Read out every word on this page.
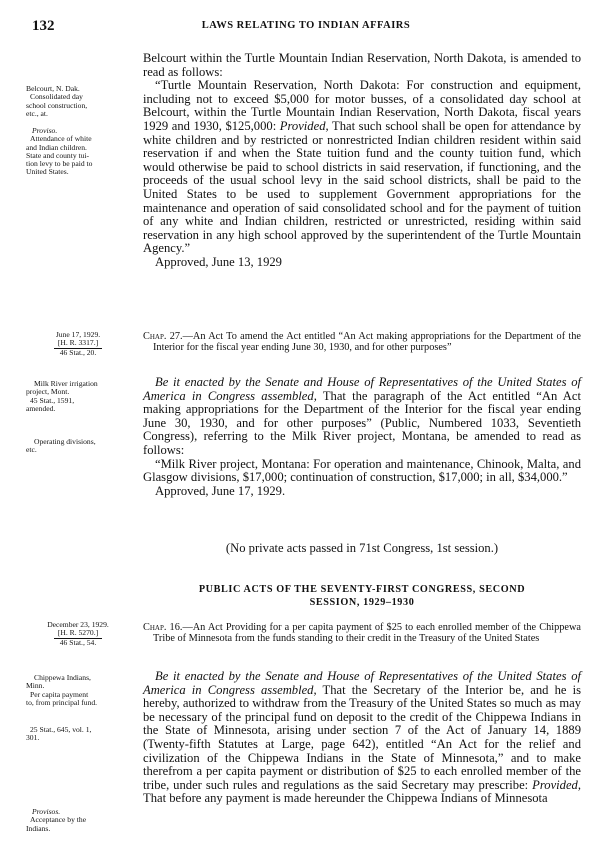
132	LAWS RELATING TO INDIAN AFFAIRS

Belcourt within the Turtle Mountain Indian Reservation, North Dakota, is amended to read as follows:

“Turtle Mountain Reservation, North Dakota: For construction and equipment, including not to exceed $5,000 for motor busses, of a consolidated day school at Belcourt, within the Turtle Mountain Indian Reservation, North Dakota, fiscal years 1929 and 1930, $125,000: Provided, That such school shall be open for attendance by white children and by restricted or nonrestricted Indian children resident within said reservation if and when the State tuition fund and the county tuition fund, which would otherwise be paid to school districts in said reservation, if functioning, and the proceeds of the usual school levy in the said school districts, shall be paid to the United States to be used to supplement Government appropriations for the maintenance and operation of said consolidated school and for the payment of tuition of any white and Indian children, restricted or unrestricted, residing within said reservation in any high school approved by the superintendent of the Turtle Mountain Agency.”

Approved, June 13, 1929

Chap. 27.—An Act To amend the Act entitled “An Act making appropriations for the Department of the Interior for the fiscal year ending June 30, 1930, and for other purposes”

Be it enacted by the Senate and House of Representatives of the United States of America in Congress assembled, That the paragraph of the Act entitled “An Act making appropriations for the Department of the Interior for the fiscal year ending June 30, 1930, and for other purposes” (Public, Numbered 1033, Seventieth Congress), referring to the Milk River project, Montana, be amended to read as follows:

“Milk River project, Montana: For operation and maintenance, Chinook, Malta, and Glasgow divisions, $17,000; continuation of construction, $17,000; in all, $34,000.”

Approved, June 17, 1929.

(No private acts passed in 71st Congress, 1st session.)
PUBLIC ACTS OF THE SEVENTY-FIRST CONGRESS, SECOND
SESSION, 1929–1930

Chap. 16.—An Act Providing for a per capita payment of $25 to each enrolled member of the Chippewa Tribe of Minnesota from the funds standing to their credit in the Treasury of the United States

Be it enacted by the Senate and House of Representatives of the United States of America in Congress assembled, That the Secretary of the Interior be, and he is hereby, authorized to withdraw from the Treasury of the United States so much as may be necessary of the principal fund on deposit to the credit of the Chippewa Indians in the State of Minnesota, arising under section 7 of the Act of January 14, 1889 (Twenty-fifth Statutes at Large, page 642), entitled “An Act for the relief and civilization of the Chippewa Indians in the State of Minnesota,” and to make therefrom a per capita payment or distribution of $25 to each enrolled member of the tribe, under such rules and regulations as the said Secretary may prescribe: Provided, That before any payment is made hereunder the Chippewa Indians of Minnesota

Belcourt, N. Dak.

Consolidated day

school construction,

etc., at.

Proviso.

Attendance of white

and Indian children.

State and county tui-

tion levy to be paid to

United States.

June 17, 1929.

[H. R. 3317.]

46 Stat., 20.

Milk River irrigation

project, Mont.

45 Stat., 1591,

amended.

Operating divisions,

etc.

December 23, 1929.

[H. R. 5270.]

46 Stat., 54.

Chippewa Indians,

Minn.

Per capita payment

to, from principal fund.

25 Stat., 645, vol. 1,

301.

Provisos.

Acceptance by the

Indians.
